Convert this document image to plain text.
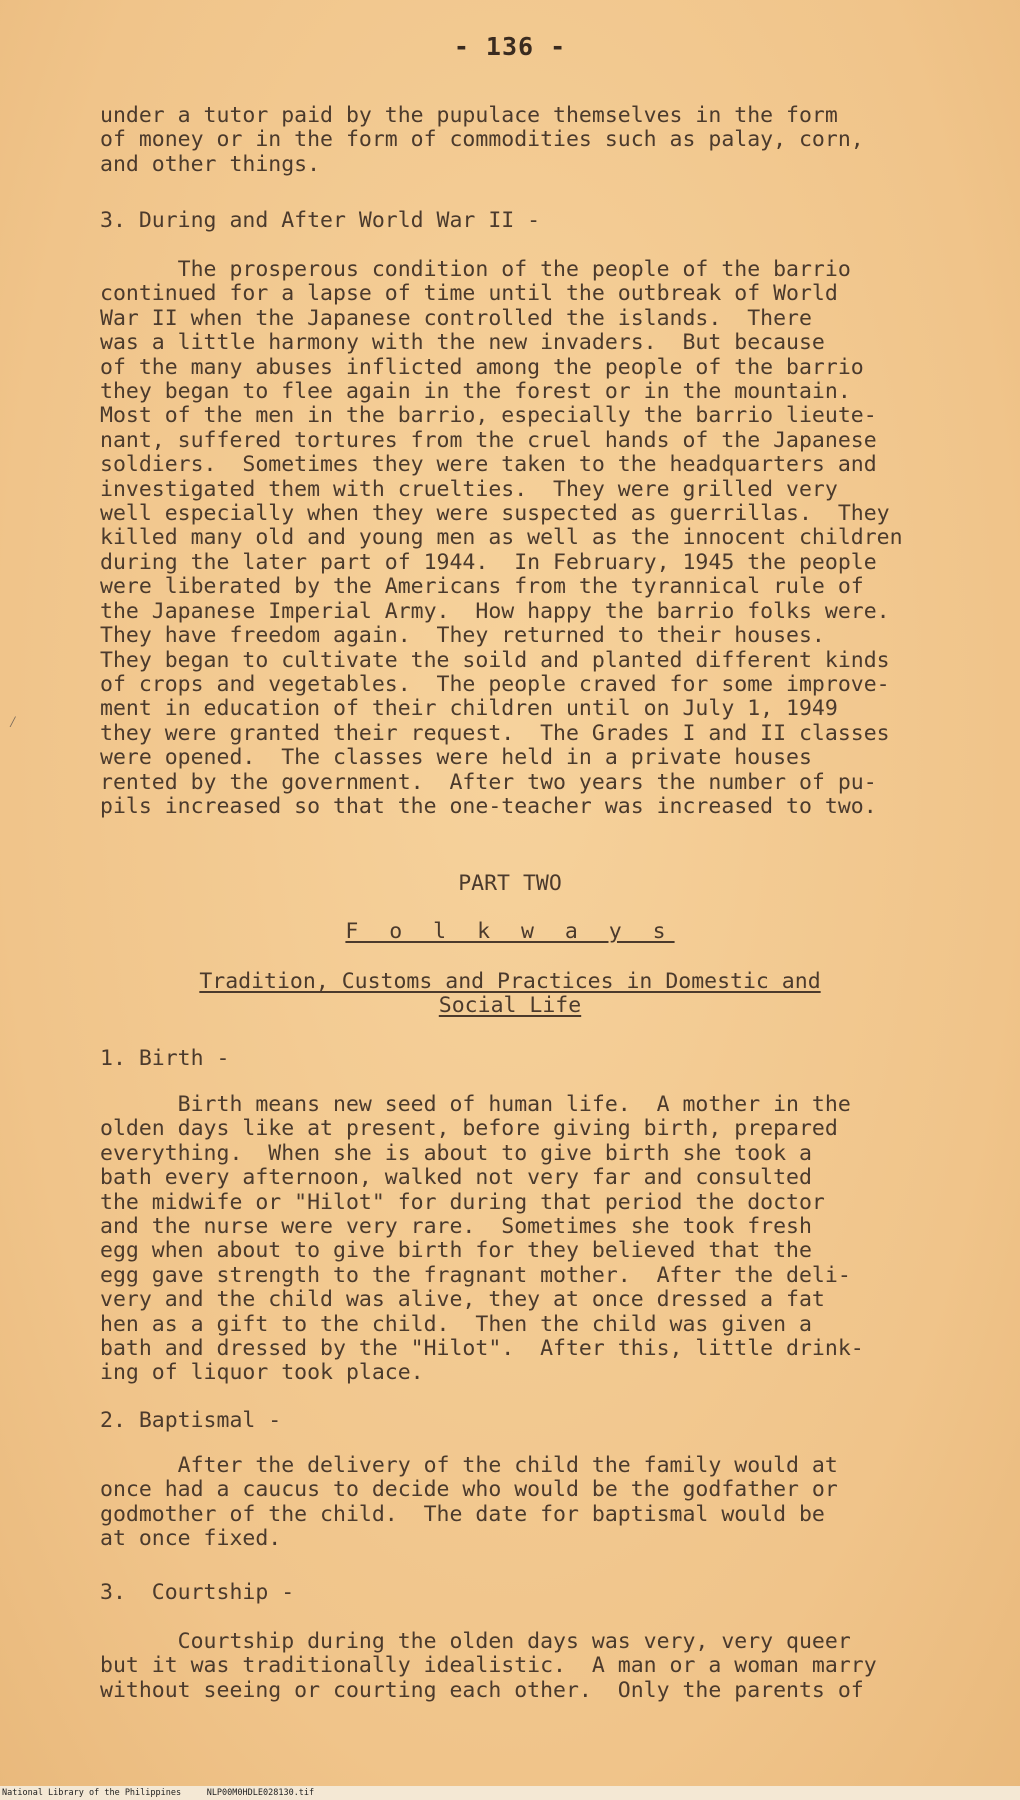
- 136 -
under a tutor paid by the pupulace themselves in the form
of money or in the form of commodities such as palay, corn,
and other things.
3. During and After World War II -
The prosperous condition of the people of the barrio
continued for a lapse of time until the outbreak of World
War II when the Japanese controlled the islands.  There
was a little harmony with the new invaders.  But because
of the many abuses inflicted among the people of the barrio
they began to flee again in the forest or in the mountain.
Most of the men in the barrio, especially the barrio lieute-
nant, suffered tortures from the cruel hands of the Japanese
soldiers.  Sometimes they were taken to the headquarters and
investigated them with cruelties.  They were grilled very
well especially when they were suspected as guerrillas.  They
killed many old and young men as well as the innocent children
during the later part of 1944.  In February, 1945 the people
were liberated by the Americans from the tyrannical rule of
the Japanese Imperial Army.  How happy the barrio folks were.
They have freedom again.  They returned to their houses.
They began to cultivate the soild and planted different kinds
of crops and vegetables.  The people craved for some improve-
ment in education of their children until on July 1, 1949
they were granted their request.  The Grades I and II classes
were opened.  The classes were held in a private houses
rented by the government.  After two years the number of pu-
pils increased so that the one-teacher was increased to two.
⁄
PART TWO
F o l k w a y s
Tradition, Customs and Practices in Domestic and
Social Life
1. Birth -
Birth means new seed of human life.  A mother in the
olden days like at present, before giving birth, prepared
everything.  When she is about to give birth she took a
bath every afternoon, walked not very far and consulted
the midwife or "Hilot" for during that period the doctor
and the nurse were very rare.  Sometimes she took fresh
egg when about to give birth for they believed that the
egg gave strength to the fragnant mother.  After the deli-
very and the child was alive, they at once dressed a fat
hen as a gift to the child.  Then the child was given a
bath and dressed by the "Hilot".  After this, little drink-
ing of liquor took place.
2. Baptismal -
After the delivery of the child the family would at
once had a caucus to decide who would be the godfather or
godmother of the child.  The date for baptismal would be
at once fixed.
3.  Courtship -
Courtship during the olden days was very, very queer
but it was traditionally idealistic.  A man or a woman marry
without seeing or courting each other.  Only the parents of
National Library of the Philippines     NLP00M0HDLE028130.tif
